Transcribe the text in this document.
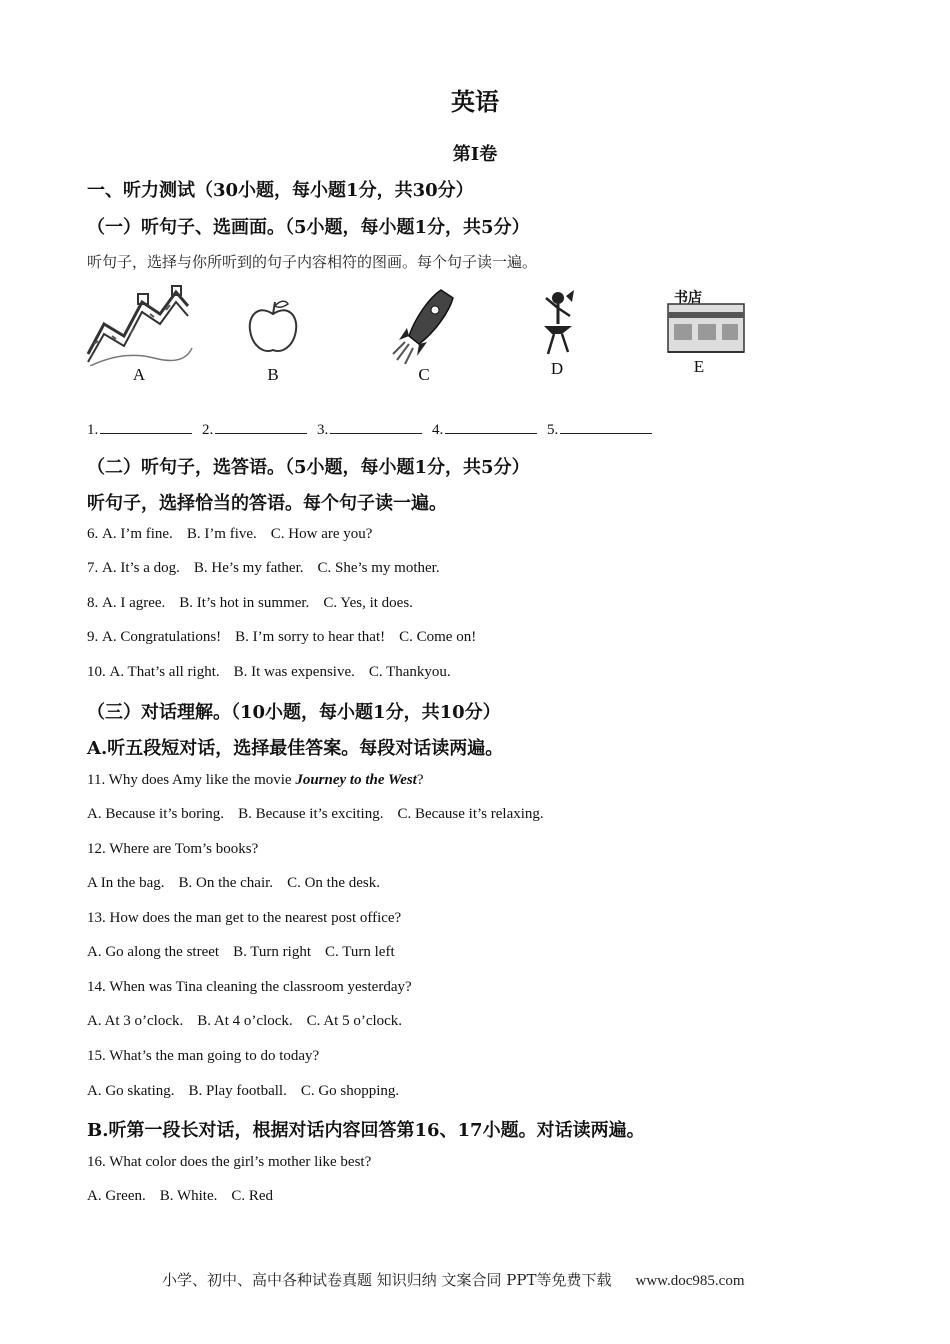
英语
第Ⅰ卷
一、听力测试（30小题，每小题1分，共30分）
（一）听句子、选画面。（5小题，每小题1分，共5分）
听句子，选择与你所听到的句子内容相符的图画。每个句子读一遍。
A	B	C	D
书店
E
1.	2.	3.	4.	5.
（二）听句子，选答语。（5小题，每小题1分，共5分）
听句子，选择恰当的答语。每个句子读一遍。
6. A. I’m fine. B. I’m five. C. How are you?
7. A. It’s a dog. B. He’s my father. C. She’s my mother.
8. A. I agree. B. It’s hot in summer. C. Yes, it does.
9. A. Congratulations! B. I’m sorry to hear that! C. Come on!
10. A. That’s all right. B. It was expensive. C. Thankyou.
（三）对话理解。（10小题，每小题1分，共10分）
A.听五段短对话，选择最佳答案。每段对话读两遍。
11. Why does Amy like the movie Journey to the West?
A. Because it’s boring. B. Because it’s exciting. C. Because it’s relaxing.
12. Where are Tom’s books?
A In the bag. B. On the chair. C. On the desk.
13. How does the man get to the nearest post office?
A. Go along the street B. Turn right C. Turn left
14. When was Tina cleaning the classroom yesterday?
A. At 3 o’clock. B. At 4 o’clock. C. At 5 o’clock.
15. What’s the man going to do today?
A. Go skating. B. Play football. C. Go shopping.
B.听第一段长对话，根据对话内容回答第16、17小题。对话读两遍。
16. What color does the girl’s mother like best?
A. Green. B. White. C. Red
小学、初中、高中各种试卷真题 知识归纳 文案合同 PPT等免费下载 www.doc985.com
